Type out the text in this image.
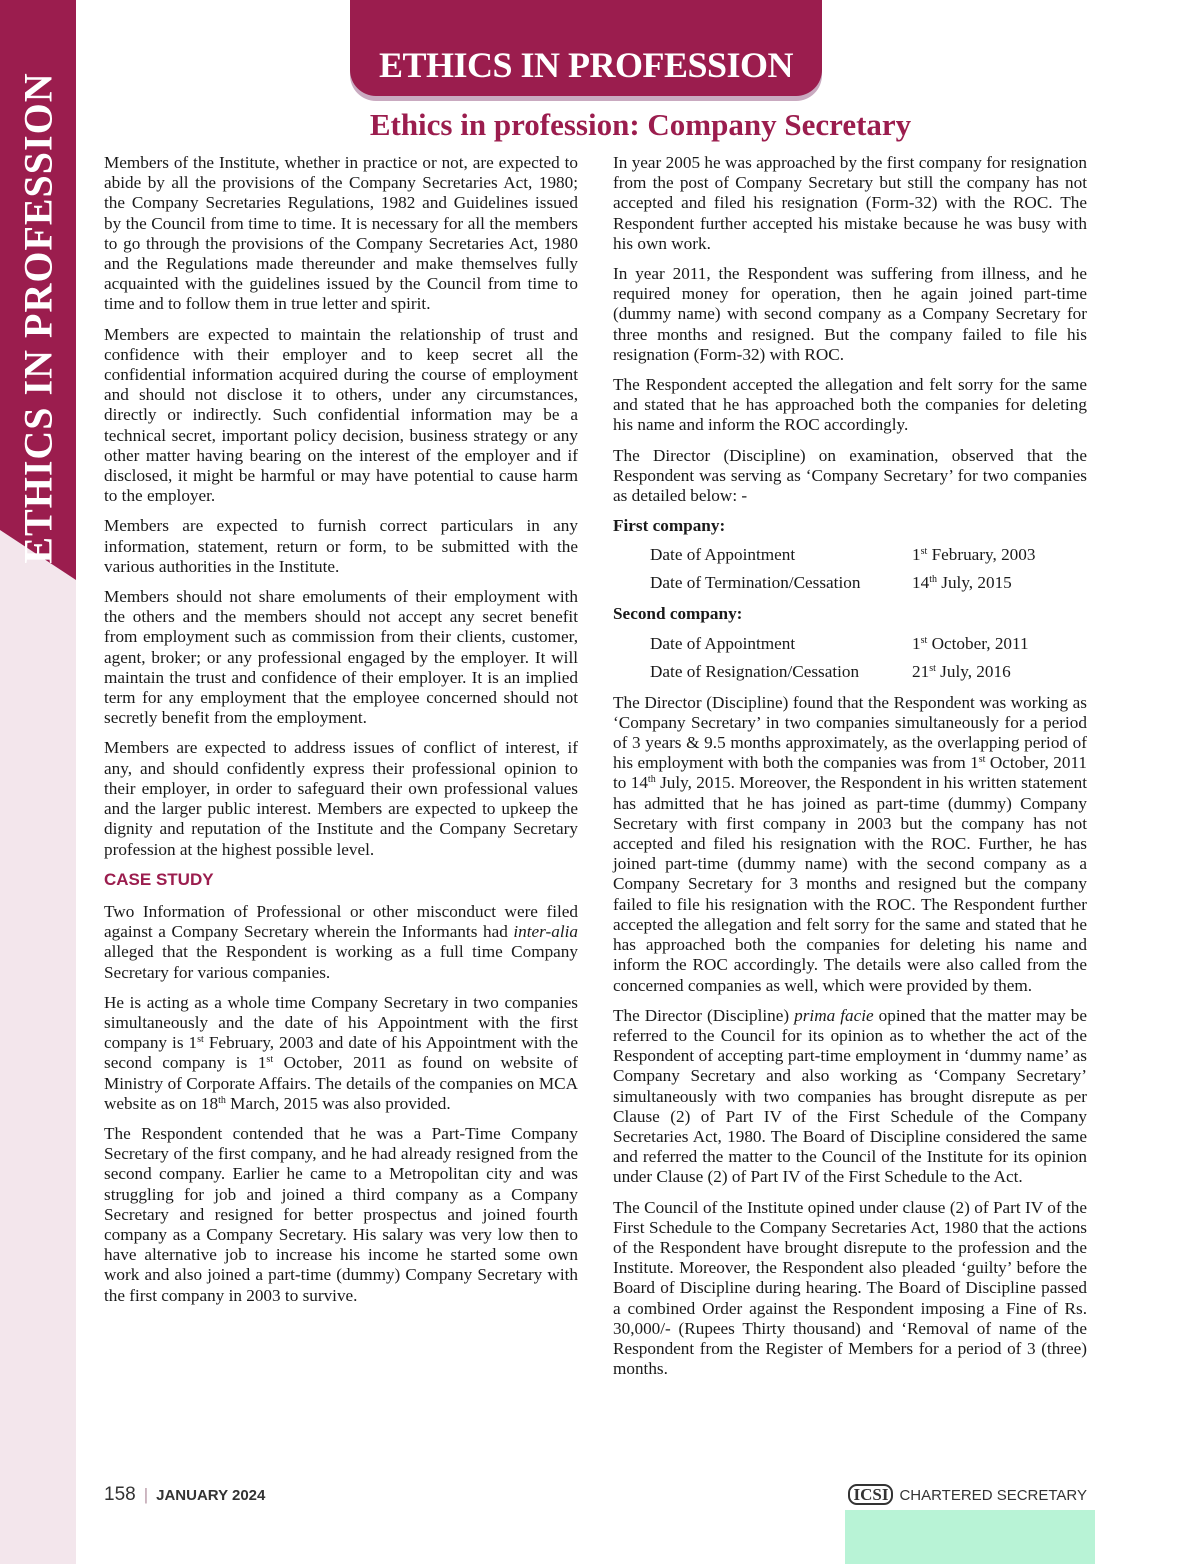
ETHICS IN PROFESSION
ETHICS IN PROFESSION
Ethics in profession: Company Secretary

Members of the Institute, whether in practice or not, are expected to abide by all the provisions of the Company Secretaries Act, 1980; the Company Secretaries Regulations, 1982 and Guidelines issued by the Council from time to time. It is necessary for all the members to go through the provisions of the Company Secretaries Act, 1980 and the Regulations made thereunder and make themselves fully acquainted with the guidelines issued by the Council from time to time and to follow them in true letter and spirit.

Members are expected to maintain the relationship of trust and confidence with their employer and to keep secret all the confidential information acquired during the course of employment and should not disclose it to others, under any circumstances, directly or indirectly. Such confidential information may be a technical secret, important policy decision, business strategy or any other matter having bearing on the interest of the employer and if disclosed, it might be harmful or may have potential to cause harm to the employer.

Members are expected to furnish correct particulars in any information, statement, return or form, to be submitted with the various authorities in the Institute.

Members should not share emoluments of their employment with the others and the members should not accept any secret benefit from employment such as commission from their clients, customer, agent, broker; or any professional engaged by the employer. It will maintain the trust and confidence of their employer. It is an implied term for any employment that the employee concerned should not secretly benefit from the employment.

Members are expected to address issues of conflict of interest, if any, and should confidently express their professional opinion to their employer, in order to safeguard their own professional values and the larger public interest. Members are expected to upkeep the dignity and reputation of the Institute and the Company Secretary profession at the highest possible level.

CASE STUDY

Two Information of Professional or other misconduct were filed against a Company Secretary wherein the Informants had inter-alia alleged that the Respondent is working as a full time Company Secretary for various companies.

He is acting as a whole time Company Secretary in two companies simultaneously and the date of his Appointment with the first company is 1st February, 2003 and date of his Appointment with the second company is 1st October, 2011 as found on website of Ministry of Corporate Affairs. The details of the companies on MCA website as on 18th March, 2015 was also provided.

The Respondent contended that he was a Part-Time Company Secretary of the first company, and he had already resigned from the second company. Earlier he came to a Metropolitan city and was struggling for job and joined a third company as a Company Secretary and resigned for better prospectus and joined fourth company as a Company Secretary. His salary was very low then to have alternative job to increase his income he started some own work and also joined a part-time (dummy) Company Secretary with the first company in 2003 to survive.

In year 2005 he was approached by the first company for resignation from the post of Company Secretary but still the company has not accepted and filed his resignation (Form-32) with the ROC. The Respondent further accepted his mistake because he was busy with his own work.

In year 2011, the Respondent was suffering from illness, and he required money for operation, then he again joined part-time (dummy name) with second company as a Company Secretary for three months and resigned. But the company failed to file his resignation (Form-32) with ROC.

The Respondent accepted the allegation and felt sorry for the same and stated that he has approached both the companies for deleting his name and inform the ROC accordingly.

The Director (Discipline) on examination, observed that the Respondent was serving as ‘Company Secretary’ for two companies as detailed below: -

First company:
Date of Appointment	1st February, 2003
Date of Termination/Cessation	14th July, 2015
Second company:
Date of Appointment	1st October, 2011
Date of Resignation/Cessation	21st July, 2016

The Director (Discipline) found that the Respondent was working as ‘Company Secretary’ in two companies simultaneously for a period of 3 years & 9.5 months approximately, as the overlapping period of his employment with both the companies was from 1st October, 2011 to 14th July, 2015. Moreover, the Respondent in his written statement has admitted that he has joined as part-time (dummy) Company Secretary with first company in 2003 but the company has not accepted and filed his resignation with the ROC. Further, he has joined part-time (dummy name) with the second company as a Company Secretary for 3 months and resigned but the company failed to file his resignation with the ROC. The Respondent further accepted the allegation and felt sorry for the same and stated that he has approached both the companies for deleting his name and inform the ROC accordingly. The details were also called from the concerned companies as well, which were provided by them.

The Director (Discipline) prima facie opined that the matter may be referred to the Council for its opinion as to whether the act of the Respondent of accepting part-time employment in ‘dummy name’ as Company Secretary and also working as ‘Company Secretary’ simultaneously with two companies has brought disrepute as per Clause (2) of Part IV of the First Schedule of the Company Secretaries Act, 1980. The Board of Discipline considered the same and referred the matter to the Council of the Institute for its opinion under Clause (2) of Part IV of the First Schedule to the Act.

The Council of the Institute opined under clause (2) of Part IV of the First Schedule to the Company Secretaries Act, 1980 that the actions of the Respondent have brought disrepute to the profession and the Institute. Moreover, the Respondent also pleaded ‘guilty’ before the Board of Discipline during hearing. The Board of Discipline passed a combined Order against the Respondent imposing a Fine of Rs. 30,000/- (Rupees Thirty thousand) and ‘Removal of name of the Respondent from the Register of Members for a period of 3 (three) months.

158 | JANUARY 2024	ICSI CHARTERED SECRETARY
